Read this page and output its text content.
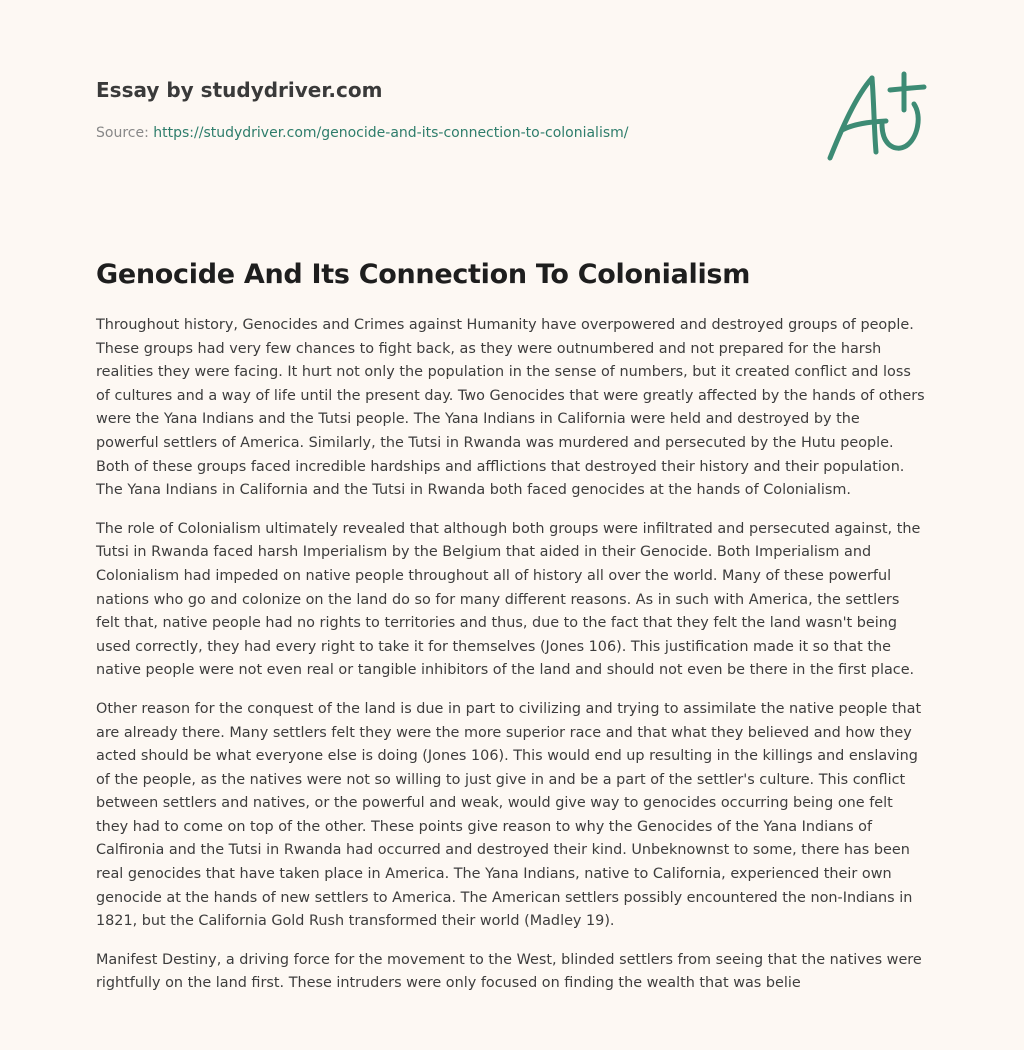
Essay by studydriver.com
Source: https://studydriver.com/genocide-and-its-connection-to-colonialism/
Genocide And Its Connection To Colonialism

Throughout history, Genocides and Crimes against Humanity have overpowered and destroyed groups of people. These groups had very few chances to fight back, as they were outnumbered and not prepared for the harsh realities they were facing. It hurt not only the population in the sense of numbers, but it created conflict and loss of cultures and a way of life until the present day. Two Genocides that were greatly affected by the hands of others were the Yana Indians and the Tutsi people. The Yana Indians in California were held and destroyed by the powerful settlers of America. Similarly, the Tutsi in Rwanda was murdered and persecuted by the Hutu people. Both of these groups faced incredible hardships and afflictions that destroyed their history and their population. The Yana Indians in California and the Tutsi in Rwanda both faced genocides at the hands of Colonialism.

The role of Colonialism ultimately revealed that although both groups were infiltrated and persecuted against, the Tutsi in Rwanda faced harsh Imperialism by the Belgium that aided in their Genocide. Both Imperialism and Colonialism had impeded on native people throughout all of history all over the world. Many of these powerful nations who go and colonize on the land do so for many different reasons. As in such with America, the settlers felt that, native people had no rights to territories and thus, due to the fact that they felt the land wasn't being used correctly, they had every right to take it for themselves (Jones 106). This justification made it so that the native people were not even real or tangible inhibitors of the land and should not even be there in the first place.

Other reason for the conquest of the land is due in part to civilizing and trying to assimilate the native people that are already there. Many settlers felt they were the more superior race and that what they believed and how they acted should be what everyone else is doing (Jones 106). This would end up resulting in the killings and enslaving of the people, as the natives were not so willing to just give in and be a part of the settler's culture. This conflict between settlers and natives, or the powerful and weak, would give way to genocides occurring being one felt they had to come on top of the other. These points give reason to why the Genocides of the Yana Indians of Calfironia and the Tutsi in Rwanda had occurred and destroyed their kind. Unbeknownst to some, there has been real genocides that have taken place in America. The Yana Indians, native to California, experienced their own genocide at the hands of new settlers to America. The American settlers possibly encountered the non-Indians in 1821, but the California Gold Rush transformed their world (Madley 19).

Manifest Destiny, a driving force for the movement to the West, blinded settlers from seeing that the natives were rightfully on the land first. These intruders were only focused on finding the wealth that was belie
